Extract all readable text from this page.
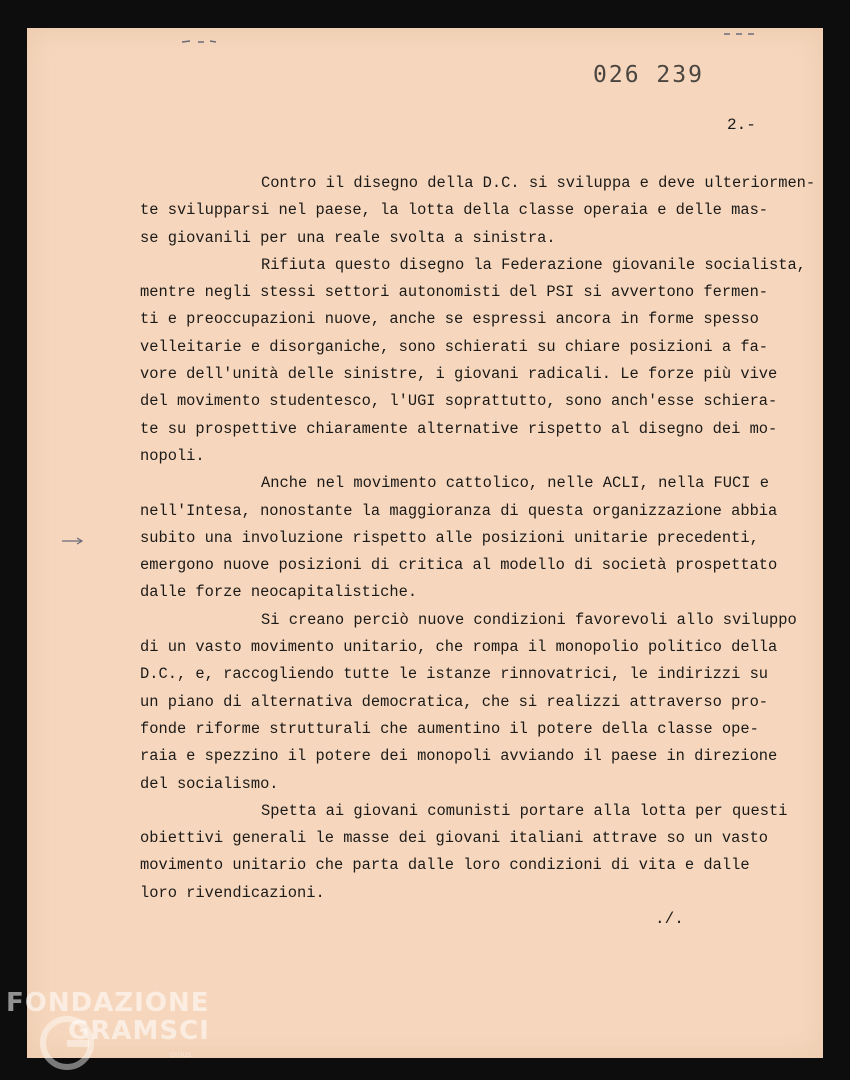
026 239
2.-
Contro il disegno della D.C. si sviluppa e deve ulteriormen-
te svilupparsi nel paese, la lotta della classe operaia e delle mas-
se giovanili per una reale svolta a sinistra.
Rifiuta questo disegno la Federazione giovanile socialista,
mentre negli stessi settori autonomisti del PSI si avvertono fermen-
ti e preoccupazioni nuove, anche se espressi ancora in forme spesso
velleitarie e disorganiche, sono schierati su chiare posizioni a fa-
vore dell'unità delle sinistre, i giovani radicali. Le forze più vive
del movimento studentesco, l'UGI soprattutto, sono anch'esse schiera-
te su prospettive chiaramente alternative rispetto al disegno dei mo-
nopoli.
Anche nel movimento cattolico, nelle ACLI, nella FUCI e
nell'Intesa, nonostante la maggioranza di questa organizzazione abbia
subito una involuzione rispetto alle posizioni unitarie precedenti,
emergono nuove posizioni di critica al modello di società prospettato
dalle forze neocapitalistiche.
Si creano perciò nuove condizioni favorevoli allo sviluppo
di un vasto movimento unitario, che rompa il monopolio politico della
D.C., e, raccogliendo tutte le istanze rinnovatrici, le indirizzi su
un piano di alternativa democratica, che si realizzi attraverso pro-
fonde riforme strutturali che aumentino il potere della classe ope-
raia e spezzino il potere dei monopoli avviando il paese in direzione
del socialismo.
Spetta ai giovani comunisti portare alla lotta per questi
obiettivi generali le masse dei giovani italiani attrave so un vasto
movimento unitario che parta dalle loro condizioni di vita e dalle
loro rivendicazioni.
./.
FONDAZIONE
GRAMSCI
onlus
